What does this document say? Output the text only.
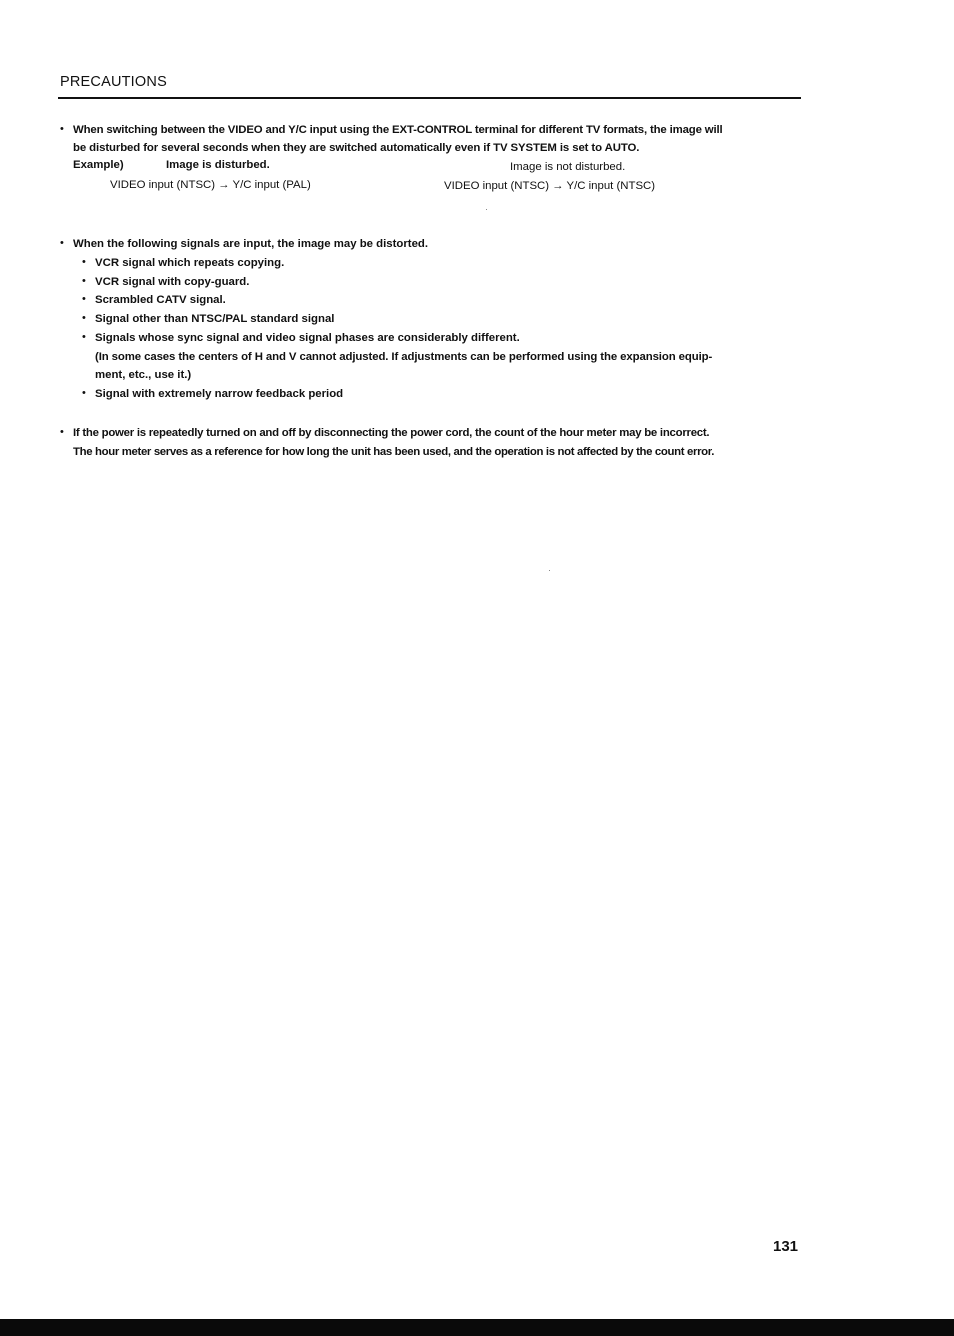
PRECAUTIONS
• When switching between the VIDEO and Y/C input using the EXT-CONTROL terminal for different TV formats, the image will
be disturbed for several seconds when they are switched automatically even if TV SYSTEM is set to AUTO.
Example)	Image is disturbed.	Image is not disturbed.
VIDEO input (NTSC) → Y/C input (PAL)	VIDEO input (NTSC) → Y/C input (NTSC)
• When the following signals are input, the image may be distorted.
• VCR signal which repeats copying.
• VCR signal with copy-guard.
• Scrambled CATV signal.
• Signal other than NTSC/PAL standard signal
• Signals whose sync signal and video signal phases are considerably different.
(In some cases the centers of H and V cannot adjusted. If adjustments can be performed using the expansion equip-
ment, etc., use it.)
• Signal with extremely narrow feedback period
• If the power is repeatedly turned on and off by disconnecting the power cord, the count of the hour meter may be incorrect.
The hour meter serves as a reference for how long the unit has been used, and the operation is not affected by the count error.
131
